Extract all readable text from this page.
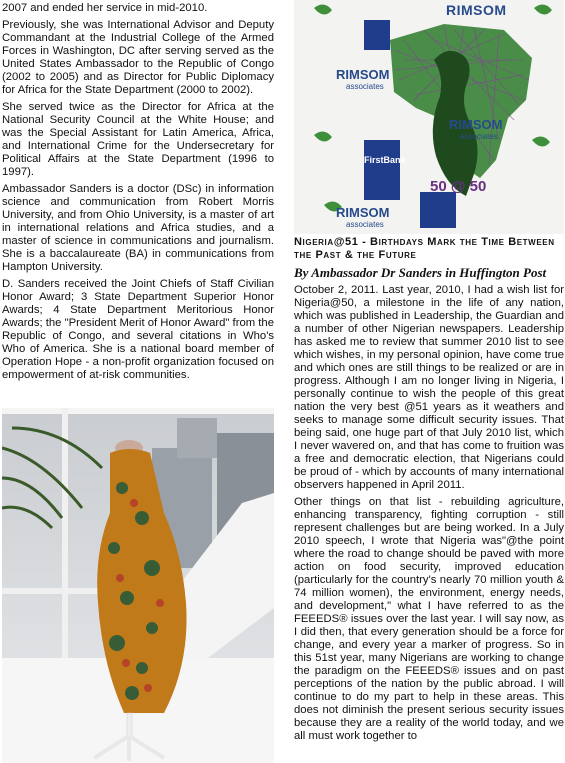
2007 and ended her service in mid-2010.

Previously, she was International Advisor and Deputy Commandant at the Industrial College of the Armed Forces in Washington, DC after serving served as the United States Ambassador to the Republic of Congo (2002 to 2005) and as Director for Public Diplomacy for Africa for the State Department (2000 to 2002).

She served twice as the Director for Africa at the National Security Council at the White House; and was the Special Assistant for Latin America, Africa, and International Crime for the Undersecretary for Political Affairs at the State Department (1996 to 1997).

Ambassador Sanders is a doctor (DSc) in information science and communication from Robert Morris University, and from Ohio University, is a master of art in international relations and Africa studies, and a master of science in communications and journalism. She is a baccalaureate (BA) in communications from Hampton University.

D. Sanders received the Joint Chiefs of Staff Civilian Honor Award; 3 State Department Superior Honor Awards; 4 State Department Meritorious Honor Awards; the "President Merit of Honor Award" from the Republic of Congo, and several citations in Who's Who of America. She is a national board member of Operation Hope - a non-profit organization focused on empowerment of at-risk communities.

RIMSOM
RIMSOM
associates
RIMSOM
associates
RIMSOM
associates
FirstBank
50 @ 50
Nigeria@51 - Birthdays Mark the Time Between the Past & the Future
By Ambassador Dr Sanders in Huffington Post

October 2, 2011. Last year, 2010, I had a wish list for Nigeria@50, a milestone in the life of any nation, which was published in Leadership, the Guardian and a number of other Nigerian newspapers. Leadership has asked me to review that summer 2010 list to see which wishes, in my personal opinion, have come true and which ones are still things to be realized or are in progress. Although I am no longer living in Nigeria, I personally continue to wish the people of this great nation the very best @51 years as it weathers and seeks to manage some difficult security issues. That being said, one huge part of that July 2010 list, which I never wavered on, and that has come to fruition was a free and democratic election, that Nigerians could be proud of - which by accounts of many international observers happened in April 2011.

Other things on that list - rebuilding agriculture, enhancing transparency, fighting corruption - still represent challenges but are being worked. In a July 2010 speech, I wrote that Nigeria was"@the point where the road to change should be paved with more action on food security, improved education (particularly for the country's nearly 70 million youth & 74 million women), the environment, energy needs, and development," what I have referred to as the FEEEDS® issues over the last year. I will say now, as I did then, that every generation should be a force for change, and every year a marker of progress. So in this 51st year, many Nigerians are working to change the paradigm on the FEEEDS® issues and on past perceptions of the nation by the public abroad. I will continue to do my part to help in these areas. This does not diminish the present serious security issues because they are a reality of the world today, and we all must work together to
